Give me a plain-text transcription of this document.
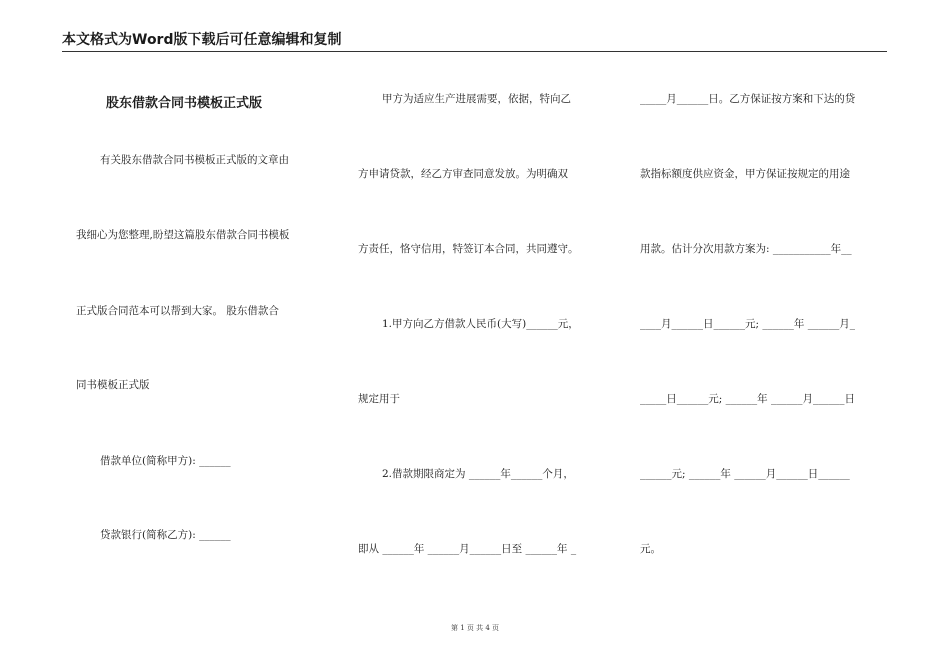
本文格式为Word版下载后可任意编辑和复制
股东借款合同书模板正式版
有关股东借款合同书模板正式版的文章由
我细心为您整理,盼望这篇股东借款合同书模板
正式版合同范本可以帮到大家。 股东借款合
同书模板正式版
借款单位(简称甲方): ______
贷款银行(简称乙方): ______
甲方为适应生产进展需要，依据，特向乙
方申请贷款，经乙方审查同意发放。为明确双
方责任，恪守信用，特签订本合同，共同遵守。
1.甲方向乙方借款人民币(大写)______元，
规定用于
2.借款期限商定为 ______年______个月，
即从 ______年 ______月______日至 ______年 _
_____月______日。乙方保证按方案和下达的贷
款指标额度供应资金，甲方保证按规定的用途
用款。估计分次用款方案为: ___________年__
____月______日______元; ______年 ______月_
_____日______元; ______年 ______月______日
______元; ______年 ______月______日______
元。
第 1 页 共 4 页
